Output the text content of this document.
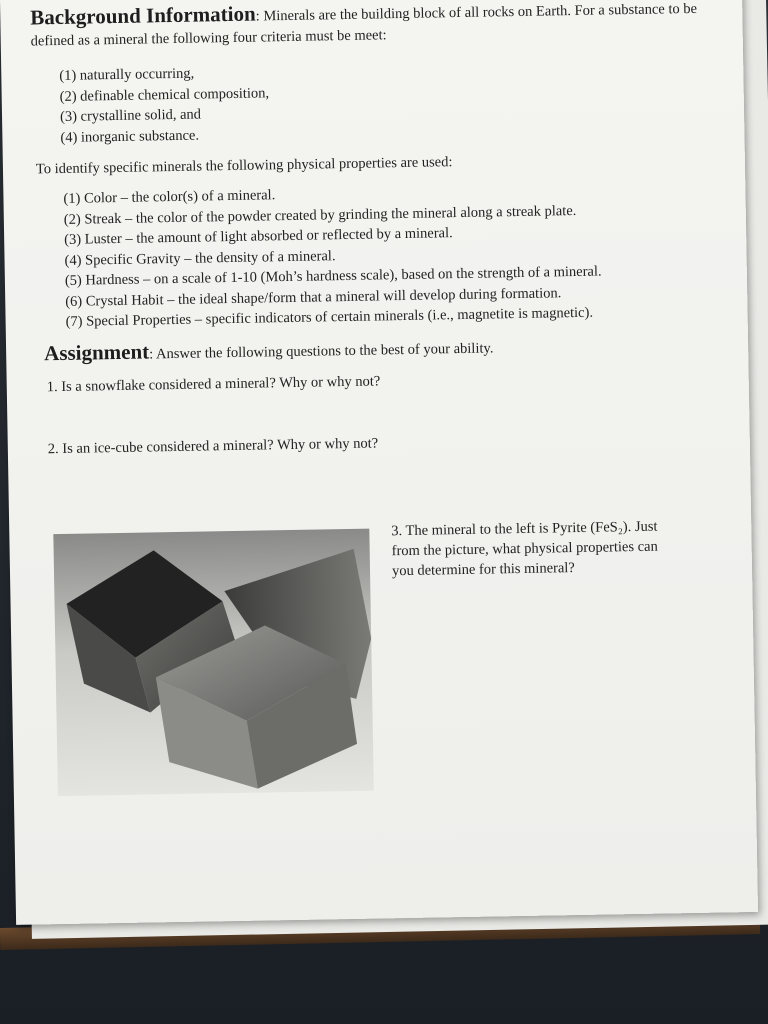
Background Information: Minerals are the building block of all rocks on Earth. For a substance to be defined as a mineral the following four criteria must be meet:
(1) naturally occurring,
(2) definable chemical composition,
(3) crystalline solid, and
(4) inorganic substance.
To identify specific minerals the following physical properties are used:
(1) Color – the color(s) of a mineral.
(2) Streak – the color of the powder created by grinding the mineral along a streak plate.
(3) Luster – the amount of light absorbed or reflected by a mineral.
(4) Specific Gravity – the density of a mineral.
(5) Hardness – on a scale of 1-10 (Moh’s hardness scale), based on the strength of a mineral.
(6) Crystal Habit – the ideal shape/form that a mineral will develop during formation.
(7) Special Properties – specific indicators of certain minerals (i.e., magnetite is magnetic).
Assignment: Answer the following questions to the best of your ability.
1. Is a snowflake considered a mineral? Why or why not?
2. Is an ice-cube considered a mineral? Why or why not?
3. The mineral to the left is Pyrite (FeS₂). Just from the picture, what physical properties can you determine for this mineral?
